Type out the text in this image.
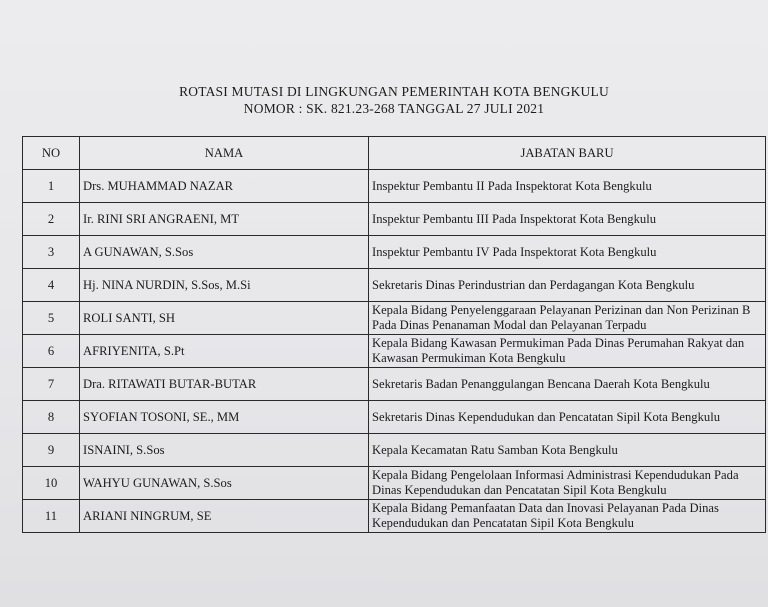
ROTASI MUTASI DI LINGKUNGAN PEMERINTAH KOTA BENGKULU
NOMOR : SK. 821.23-268 TANGGAL 27 JULI 2021
NO	NAMA	JABATAN BARU
1	Drs. MUHAMMAD NAZAR	Inspektur Pembantu II Pada Inspektorat Kota Bengkulu
2	Ir. RINI SRI ANGRAENI, MT	Inspektur Pembantu III Pada Inspektorat Kota Bengkulu
3	A GUNAWAN, S.Sos	Inspektur Pembantu IV Pada Inspektorat Kota Bengkulu
4	Hj. NINA NURDIN, S.Sos, M.Si	Sekretaris Dinas Perindustrian dan Perdagangan Kota Bengkulu
5	ROLI SANTI, SH	Kepala Bidang Penyelenggaraan Pelayanan Perizinan dan Non Perizinan B Pada Dinas Penanaman Modal dan Pelayanan Terpadu
6	AFRIYENITA, S.Pt	Kepala Bidang Kawasan Permukiman Pada Dinas Perumahan Rakyat dan Kawasan Permukiman Kota Bengkulu
7	Dra. RITAWATI BUTAR-BUTAR	Sekretaris Badan Penanggulangan Bencana Daerah Kota Bengkulu
8	SYOFIAN TOSONI, SE., MM	Sekretaris Dinas Kependudukan dan Pencatatan Sipil Kota Bengkulu
9	ISNAINI, S.Sos	Kepala Kecamatan Ratu Samban Kota Bengkulu
10	WAHYU GUNAWAN, S.Sos	Kepala Bidang Pengelolaan Informasi Administrasi Kependudukan Pada Dinas Kependudukan dan Pencatatan Sipil Kota Bengkulu
11	ARIANI NINGRUM, SE	Kepala Bidang Pemanfaatan Data dan Inovasi Pelayanan Pada Dinas Kependudukan dan Pencatatan Sipil Kota Bengkulu
